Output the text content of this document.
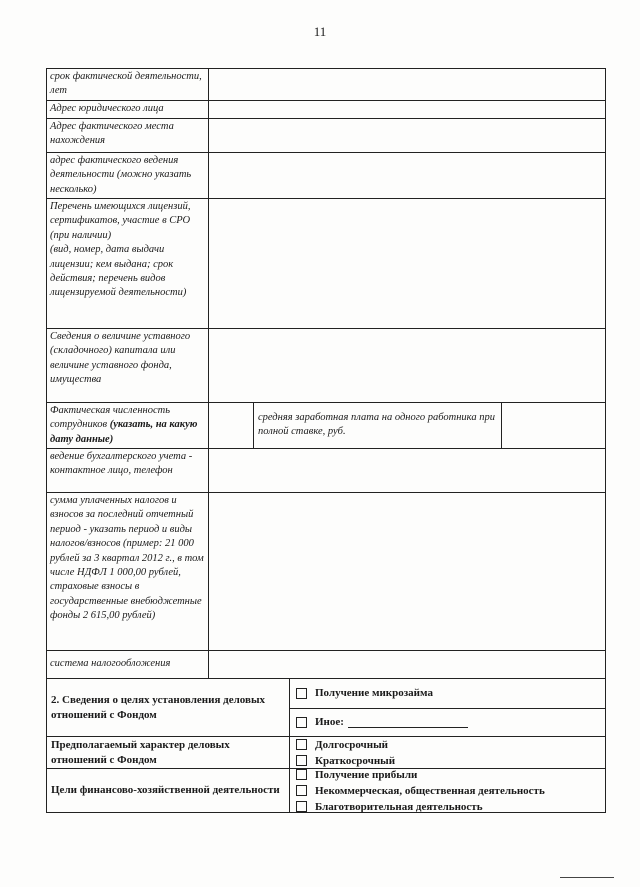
11
срок фактической деятельности, лет
Адрес юридического лица
Адрес фактического места нахождения
адрес фактического ведения деятельности (можно указать несколько)
Перечень имеющихся лицензий, сертификатов, участие в СРО (при наличии)
(вид, номер, дата выдачи лицензии; кем выдана; срок действия; перечень видов лицензируемой деятельности)
Сведения о величине уставного (складочного) капитала или величине уставного фонда, имущества
Фактическая численность сотрудников (указать, на какую дату данные)
средняя заработная плата на одного работника при полной ставке, руб.
ведение бухгалтерского учета - контактное лицо, телефон
сумма уплаченных налогов и взносов за последний отчетный период - указать период и виды налогов/взносов (пример: 21 000 рублей за 3 квартал 2012 г., в том числе НДФЛ 1 000,00 рублей, страховые взносы в государственные внебюджетные фонды 2 615,00 рублей)
система налогообложения
2. Сведения о целях установления деловых отношений с Фондом
Получение микрозайма
Иное:
Предполагаемый характер деловых отношений с Фондом
Долгосрочный
Краткосрочный
Цели финансово-хозяйственной деятельности
Получение прибыли
Некоммерческая, общественная деятельность
Благотворительная деятельность
